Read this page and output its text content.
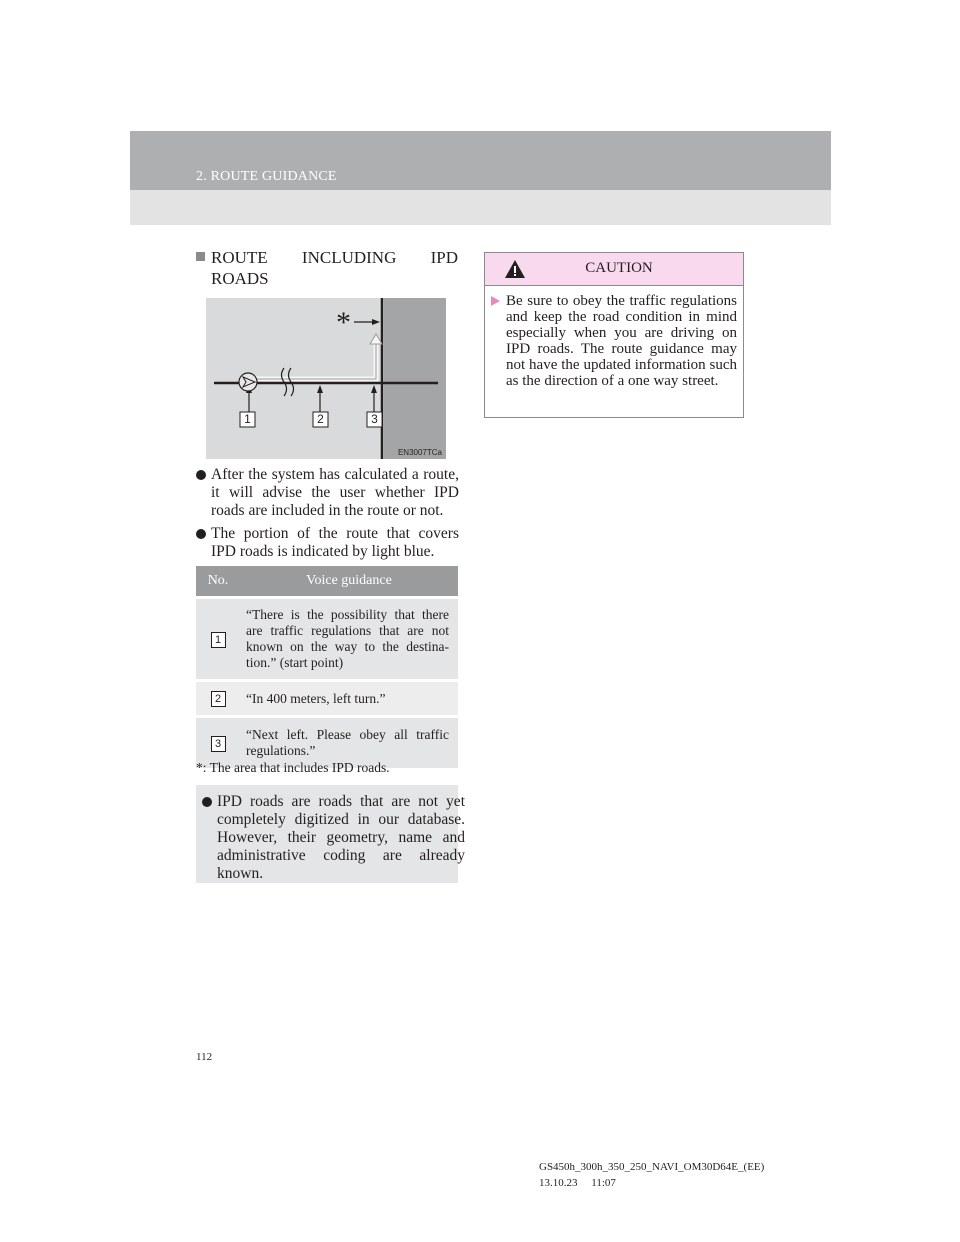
2. ROUTE GUIDANCE
ROUTE INCLUDING IPD ROADS
*
1	2	3
EN3007TCa
After the system has calculated a route, it will advise the user whether IPD roads are included in the route or not.
The portion of the route that covers IPD roads is indicated by light blue.
No.	Voice guidance

1	“There is the possibility that there are traffic regulations that are not known on the way to the destina-tion.” (start point)

2	“In 400 meters, left turn.”

3	“Next left. Please obey all traffic regulations.”
*: The area that includes IPD roads.
IPD roads are roads that are not yet completely digitized in our database. However, their geometry, name and administrative coding are already known.
CAUTION
Be sure to obey the traffic regulations and keep the road condition in mind especially when you are driving on IPD roads. The route guidance may not have the updated information such as the direction of a one way street.
112
GS450h_300h_350_250_NAVI_OM30D64E_(EE)
13.10.23     11:07
